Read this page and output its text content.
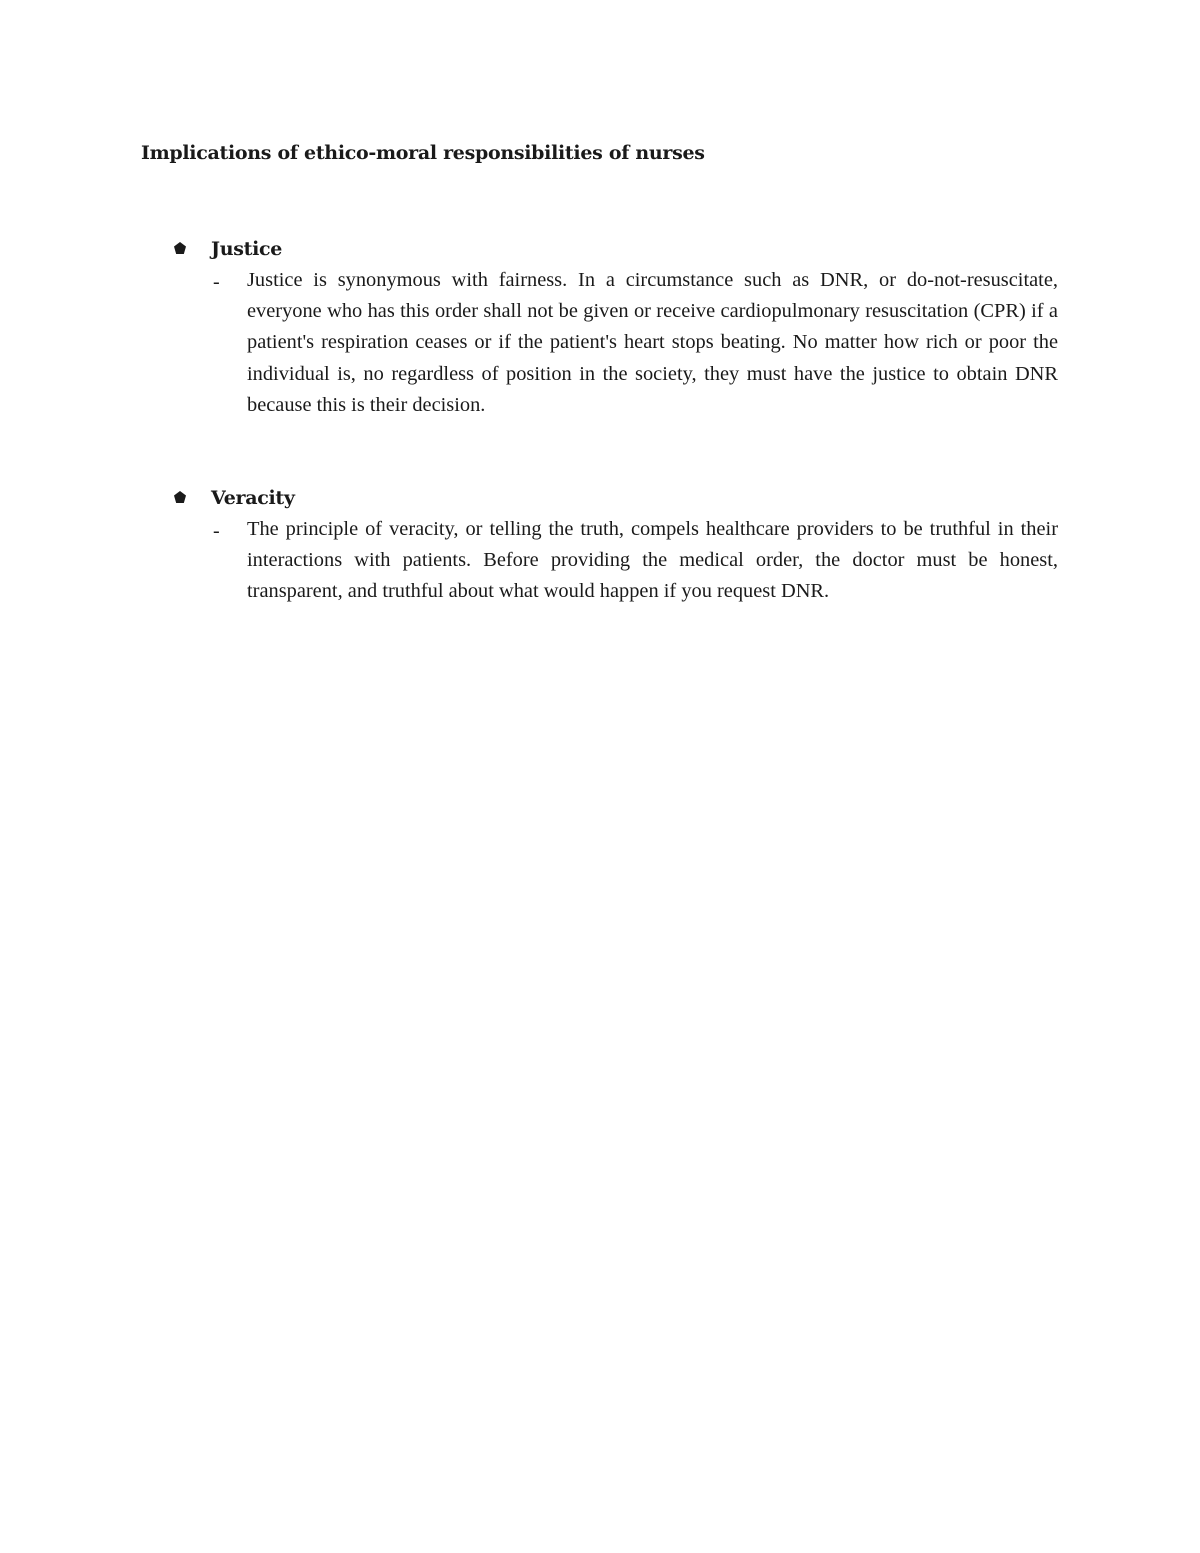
Implications of ethico-moral responsibilities of nurses
Justice
- Justice is synonymous with fairness. In a circumstance such as DNR, or do-not-resuscitate, everyone who has this order shall not be given or receive cardiopulmonary resuscitation (CPR) if a patient's respiration ceases or if the patient's heart stops beating. No matter how rich or poor the individual is, no regardless of position in the society, they must have the justice to obtain DNR because this is their decision.

Veracity
- The principle of veracity, or telling the truth, compels healthcare providers to be truthful in their interactions with patients. Before providing the medical order, the doctor must be honest, transparent, and truthful about what would happen if you request DNR.
